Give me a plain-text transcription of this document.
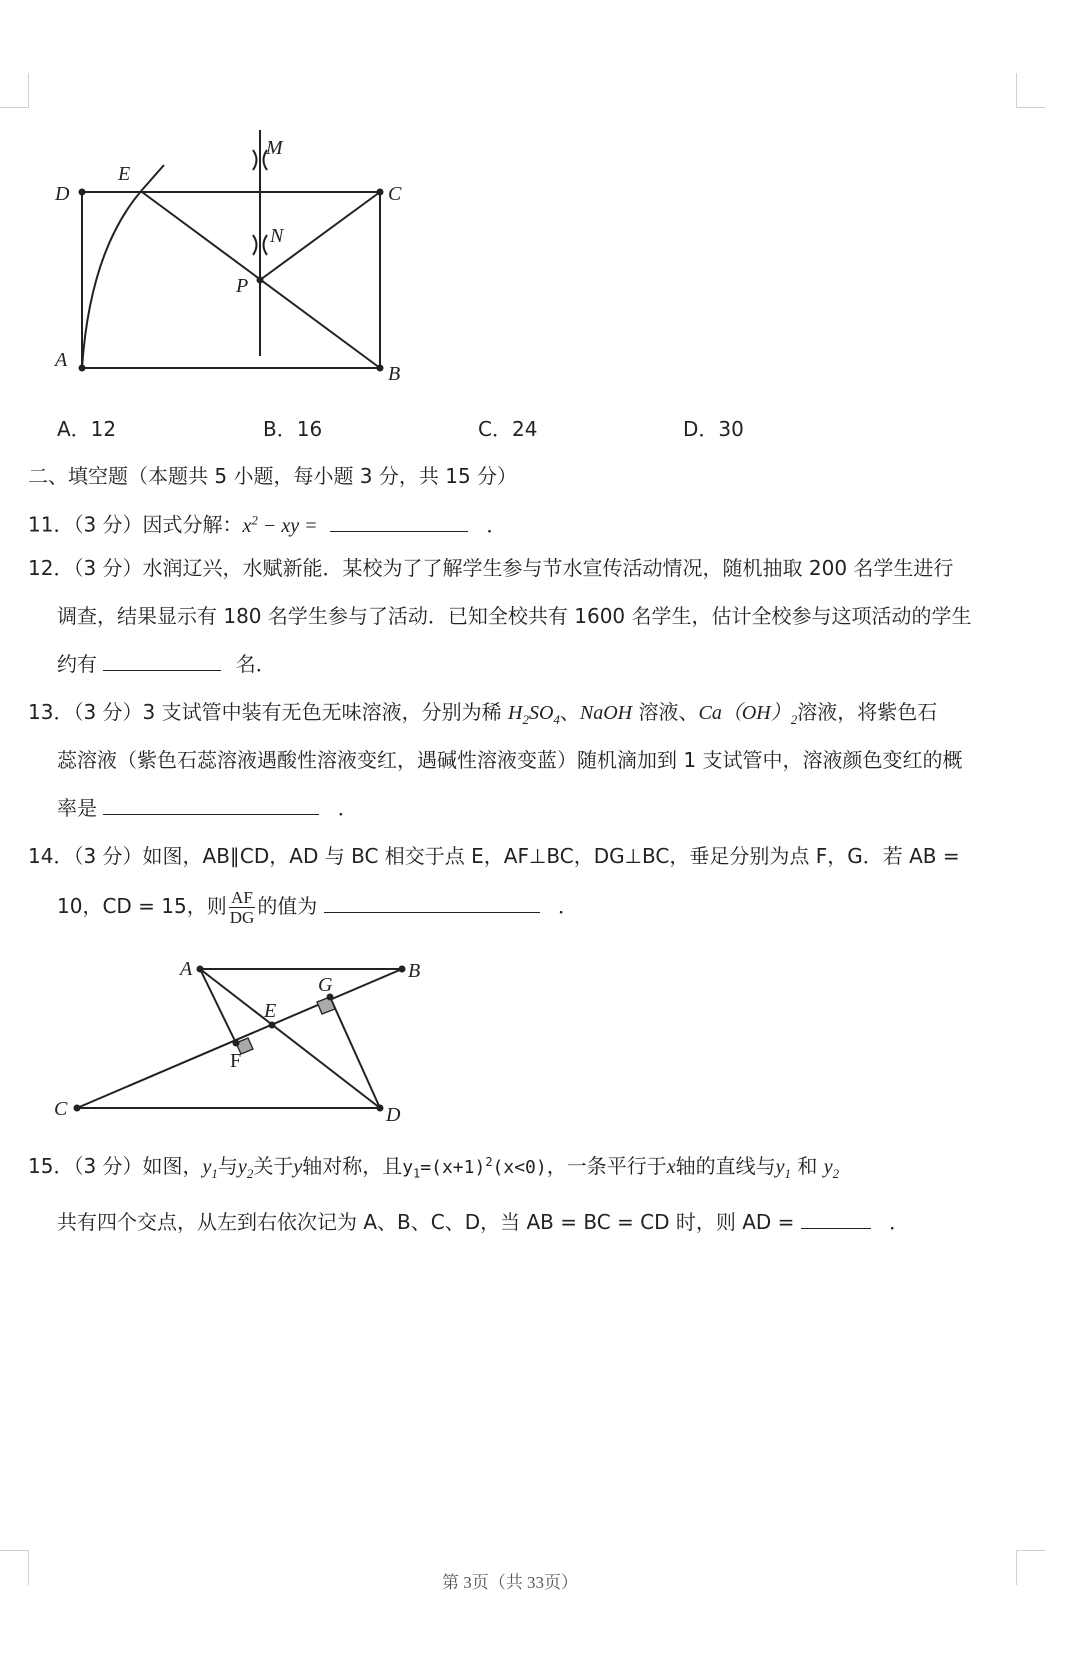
D
E
C
M
N
P
A
B
A．12	B．16	C．24	D．30
二、填空题（本题共 5 小题，每小题 3 分，共 15 分）
11．（3 分）因式分解：$x^2$ − xy =	．
12．（3 分）水润辽兴，水赋新能．某校为了了解学生参与节水宣传活动情况，随机抽取 200 名学生进行
调查，结果显示有 180 名学生参与了活动．已知全校共有 1600 名学生，估计全校参与这项活动的学生
约有	名．
13．（3 分）3 支试管中装有无色无味溶液，分别为稀 $H_2SO_4$、NaOH 溶液、$Ca(OH)_2$溶液，将紫色石
蕊溶液（紫色石蕊溶液遇酸性溶液变红，遇碱性溶液变蓝）随机滴加到 1 支试管中，溶液颜色变红的概
率是	．
14．（3 分）如图，AB∥CD，AD 与 BC 相交于点 E，AF⊥BC，DG⊥BC，垂足分别为点 F，G．若 AB =
10，CD = 15，则 $\frac{AF}{DG}$ 的值为	．
A	B
G
E
F
C	D
15．（3 分）如图，$y_1$与$y_2$关于y轴对称，且$y_1=(x+1)^2(x<0)$，一条平行于x轴的直线与$y_1$ 和 $y_2$
共有四个交点，从左到右依次记为 A、B、C、D，当 AB = BC = CD 时，则 AD =	．
第 3页（共 33页）
